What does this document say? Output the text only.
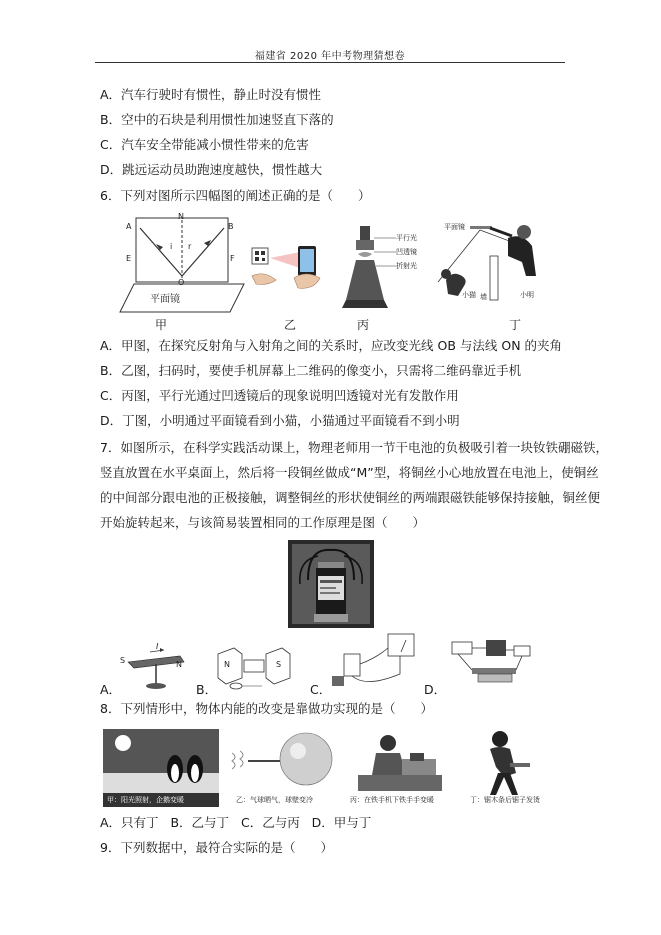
福建省 2020 年中考物理猜想卷
A．汽车行驶时有惯性，静止时没有惯性
B．空中的石块是利用惯性加速竖直下落的
C．汽车安全带能减小惯性带来的危害
D．跳远运动员助跑速度越快，惯性越大
6．下列对图所示四幅图的阐述正确的是（　　）
A
N
B
E
O
F
i r
平面镜
平行光
凹透镜
折射光
平面镜
小猫 墙	小明
甲	乙	丙	丁
A．甲图，在探究反射角与入射角之间的关系时，应改变光线 OB 与法线 ON 的夹角
B．乙图，扫码时，要使手机屏幕上二维码的像变小，只需将二维码靠近手机
C．丙图，平行光通过凹透镜后的现象说明凹透镜对光有发散作用
D．丁图，小明通过平面镜看到小猫，小猫通过平面镜看不到小明
7．如图所示，在科学实践活动课上，物理老师用一节干电池的负极吸引着一块钕铁硼磁铁，
竖直放置在水平桌面上，然后将一段铜丝做成“M”型，将铜丝小心地放置在电池上，使铜丝
的中间部分跟电池的正极接触，调整铜丝的形状使铜丝的两端跟磁铁能够保持接触，铜丝便
开始旋转起来，与该简易装置相同的工作原理是图（　　）
A．
S	N
I
B．
N	S
C．	D．
8．下列情形中，物体内能的改变是靠做功实现的是（　　）
甲：阳光照射，企鹅变暖	乙：气球晒气，球壁变冷	丙：在铁手机下铁手手变暖	丁：锯木条后锯子发烫
A．只有丁 B．乙与丁 C．乙与丙 D．甲与丁
9．下列数据中，最符合实际的是（　　）
